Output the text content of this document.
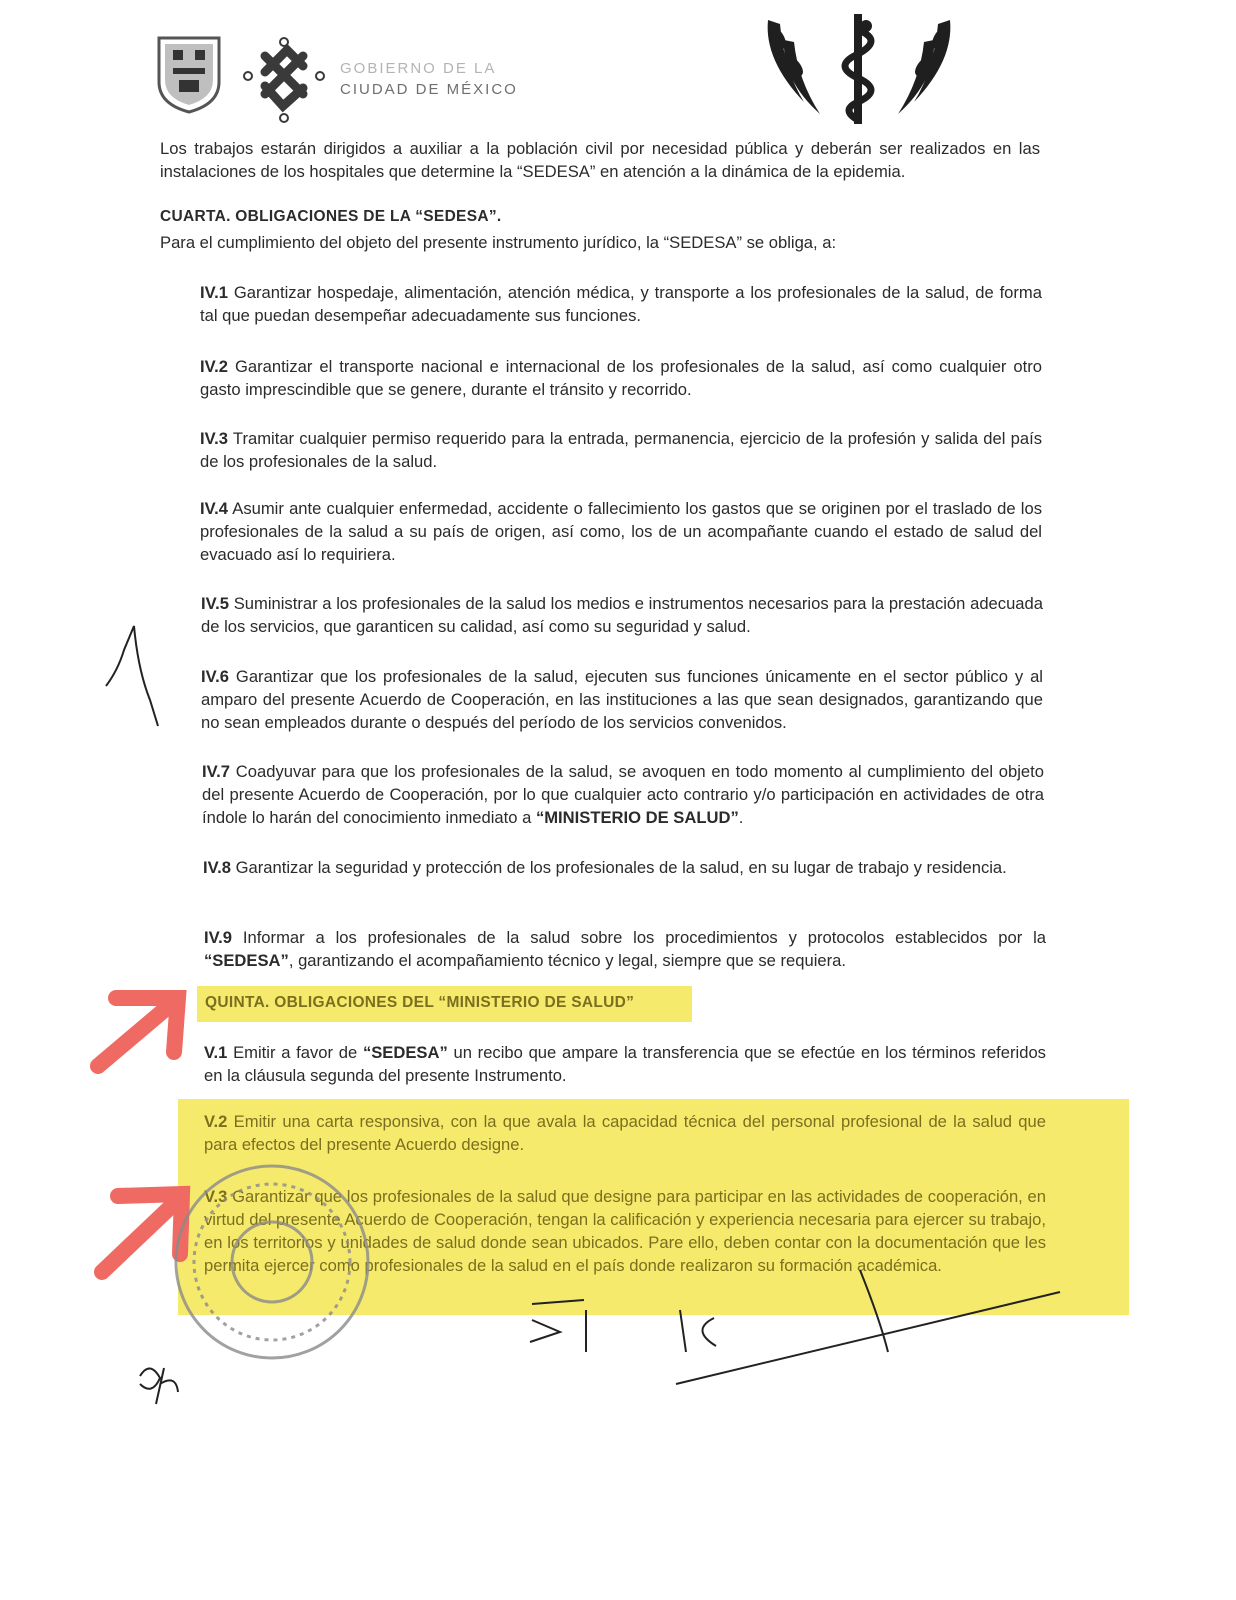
GOBIERNO DE LA
CIUDAD DE MÉXICO
Los trabajos estarán dirigidos a auxiliar a la población civil por necesidad pública y deberán ser realizados en las instalaciones de los hospitales que determine la “SEDESA” en atención a la dinámica de la epidemia.
CUARTA. OBLIGACIONES DE LA “SEDESA”.
Para el cumplimiento del objeto del presente instrumento jurídico, la “SEDESA” se obliga, a:
IV.1 Garantizar hospedaje, alimentación, atención médica, y transporte a los profesionales de la salud, de forma tal que puedan desempeñar adecuadamente sus funciones.
IV.2 Garantizar el transporte nacional e internacional de los profesionales de la salud, así como cualquier otro gasto imprescindible que se genere, durante el tránsito y recorrido.
IV.3 Tramitar cualquier permiso requerido para la entrada, permanencia, ejercicio de la profesión y salida del país de los profesionales de la salud.
IV.4 Asumir ante cualquier enfermedad, accidente o fallecimiento los gastos que se originen por el traslado de los profesionales de la salud a su país de origen, así como, los de un acompañante cuando el estado de salud del evacuado así lo requiriera.
IV.5 Suministrar a los profesionales de la salud los medios e instrumentos necesarios para la prestación adecuada de los servicios, que garanticen su calidad, así como su seguridad y salud.
IV.6 Garantizar que los profesionales de la salud, ejecuten sus funciones únicamente en el sector público y al amparo del presente Acuerdo de Cooperación, en las instituciones a las que sean designados, garantizando que no sean empleados durante o después del período de los servicios convenidos.
IV.7 Coadyuvar para que los profesionales de la salud, se avoquen en todo momento al cumplimiento del objeto del presente Acuerdo de Cooperación, por lo que cualquier acto contrario y/o participación en actividades de otra índole lo harán del conocimiento inmediato a “MINISTERIO DE SALUD”.
IV.8 Garantizar la seguridad y protección de los profesionales de la salud, en su lugar de trabajo y residencia.
IV.9 Informar a los profesionales de la salud sobre los procedimientos y protocolos establecidos por la “SEDESA”, garantizando el acompañamiento técnico y legal, siempre que se requiera.
QUINTA. OBLIGACIONES DEL “MINISTERIO DE SALUD”
V.1 Emitir a favor de “SEDESA” un recibo que ampare la transferencia que se efectúe en los términos referidos en la cláusula segunda del presente Instrumento.
V.2 Emitir una carta responsiva, con la que avala la capacidad técnica del personal profesional de la salud que para efectos del presente Acuerdo designe.
V.3 Garantizar que los profesionales de la salud que designe para participar en las actividades de cooperación, en virtud del presente Acuerdo de Cooperación, tengan la calificación y experiencia necesaria para ejercer su trabajo, en los territorios y unidades de salud donde sean ubicados. Pare ello, deben contar con la documentación que les permita ejercer como profesionales de la salud en el país donde realizaron su formación académica.
